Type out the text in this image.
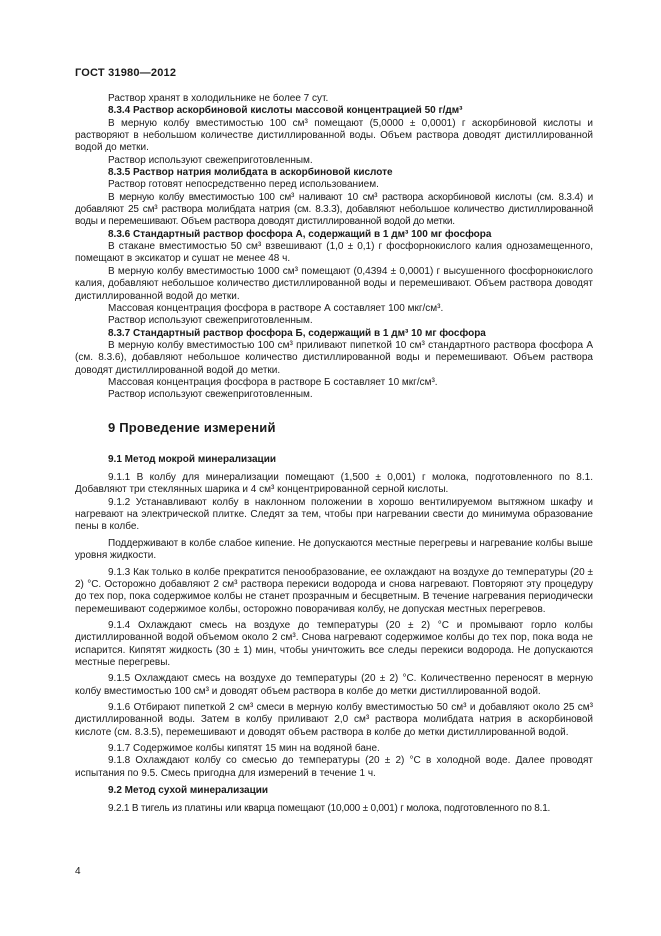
ГОСТ 31980—2012

Раствор хранят в холодильнике не более 7 сут.

8.3.4 Раствор аскорбиновой кислоты массовой концентрацией 50 г/дм³

В мерную колбу вместимостью 100 см³ помещают (5,0000 ± 0,0001) г аскорбиновой кислоты и растворяют в небольшом количестве дистиллированной воды. Объем раствора доводят дистиллированной водой до метки.

Раствор используют свежеприготовленным.

8.3.5 Раствор натрия молибдата в аскорбиновой кислоте

Раствор готовят непосредственно перед использованием.

В мерную колбу вместимостью 100 см³ наливают 10 см³ раствора аскорбиновой кислоты (см. 8.3.4) и добавляют 25 см³ раствора молибдата натрия (см. 8.3.3), добавляют небольшое количество дистиллированной воды и перемешивают. Объем раствора доводят дистиллированной водой до метки.

8.3.6 Стандартный раствор фосфора А, содержащий в 1 дм³ 100 мг фосфора

В стакане вместимостью 50 см³ взвешивают (1,0 ± 0,1) г фосфорнокислого калия однозамещенного, помещают в эксикатор и сушат не менее 48 ч.

В мерную колбу вместимостью 1000 см³ помещают (0,4394 ± 0,0001) г высушенного фосфорнокислого калия, добавляют небольшое количество дистиллированной воды и перемешивают. Объем раствора доводят дистиллированной водой до метки.

Массовая концентрация фосфора в растворе А составляет 100 мкг/см³.

Раствор используют свежеприготовленным.

8.3.7 Стандартный раствор фосфора Б, содержащий в 1 дм³ 10 мг фосфора

В мерную колбу вместимостью 100 см³ приливают пипеткой 10 см³ стандартного раствора фосфора А (см. 8.3.6), добавляют небольшое количество дистиллированной воды и перемешивают. Объем раствора доводят дистиллированной водой до метки.

Массовая концентрация фосфора в растворе Б составляет 10 мкг/см³.

Раствор используют свежеприготовленным.

9 Проведение измерений
9.1 Метод мокрой минерализации

9.1.1 В колбу для минерализации помещают (1,500 ± 0,001) г молока, подготовленного по 8.1. Добавляют три стеклянных шарика и 4 см³ концентрированной серной кислоты.

9.1.2 Устанавливают колбу в наклонном положении в хорошо вентилируемом вытяжном шкафу и нагревают на электрической плитке. Следят за тем, чтобы при нагревании свести до минимума образование пены в колбе.

Поддерживают в колбе слабое кипение. Не допускаются местные перегревы и нагревание колбы выше уровня жидкости.

9.1.3 Как только в колбе прекратится пенообразование, ее охлаждают на воздухе до температуры (20 ± 2) °С. Осторожно добавляют 2 см³ раствора перекиси водорода и снова нагревают. Повторяют эту процедуру до тех пор, пока содержимое колбы не станет прозрачным и бесцветным. В течение нагревания периодически перемешивают содержимое колбы, осторожно поворачивая колбу, не допуская местных перегревов.

9.1.4 Охлаждают смесь на воздухе до температуры (20 ± 2) °С и промывают горло колбы дистиллированной водой объемом около 2 см³. Снова нагревают содержимое колбы до тех пор, пока вода не испарится. Кипятят жидкость (30 ± 1) мин, чтобы уничтожить все следы перекиси водорода. Не допускаются местные перегревы.

9.1.5 Охлаждают смесь на воздухе до температуры (20 ± 2) °С. Количественно переносят в мерную колбу вместимостью 100 см³ и доводят объем раствора в колбе до метки дистиллированной водой.

9.1.6 Отбирают пипеткой 2 см³ смеси в мерную колбу вместимостью 50 см³ и добавляют около 25 см³ дистиллированной воды. Затем в колбу приливают 2,0 см³ раствора молибдата натрия в аскорбиновой кислоте (см. 8.3.5), перемешивают и доводят объем раствора в колбе до метки дистиллированной водой.

9.1.7 Содержимое колбы кипятят 15 мин на водяной бане.

9.1.8 Охлаждают колбу со смесью до температуры (20 ± 2) °С в холодной воде. Далее проводят испытания по 9.5. Смесь пригодна для измерений в течение 1 ч.

9.2 Метод сухой минерализации

9.2.1 В тигель из платины или кварца помещают (10,000 ± 0,001) г молока, подготовленного по 8.1.

4
